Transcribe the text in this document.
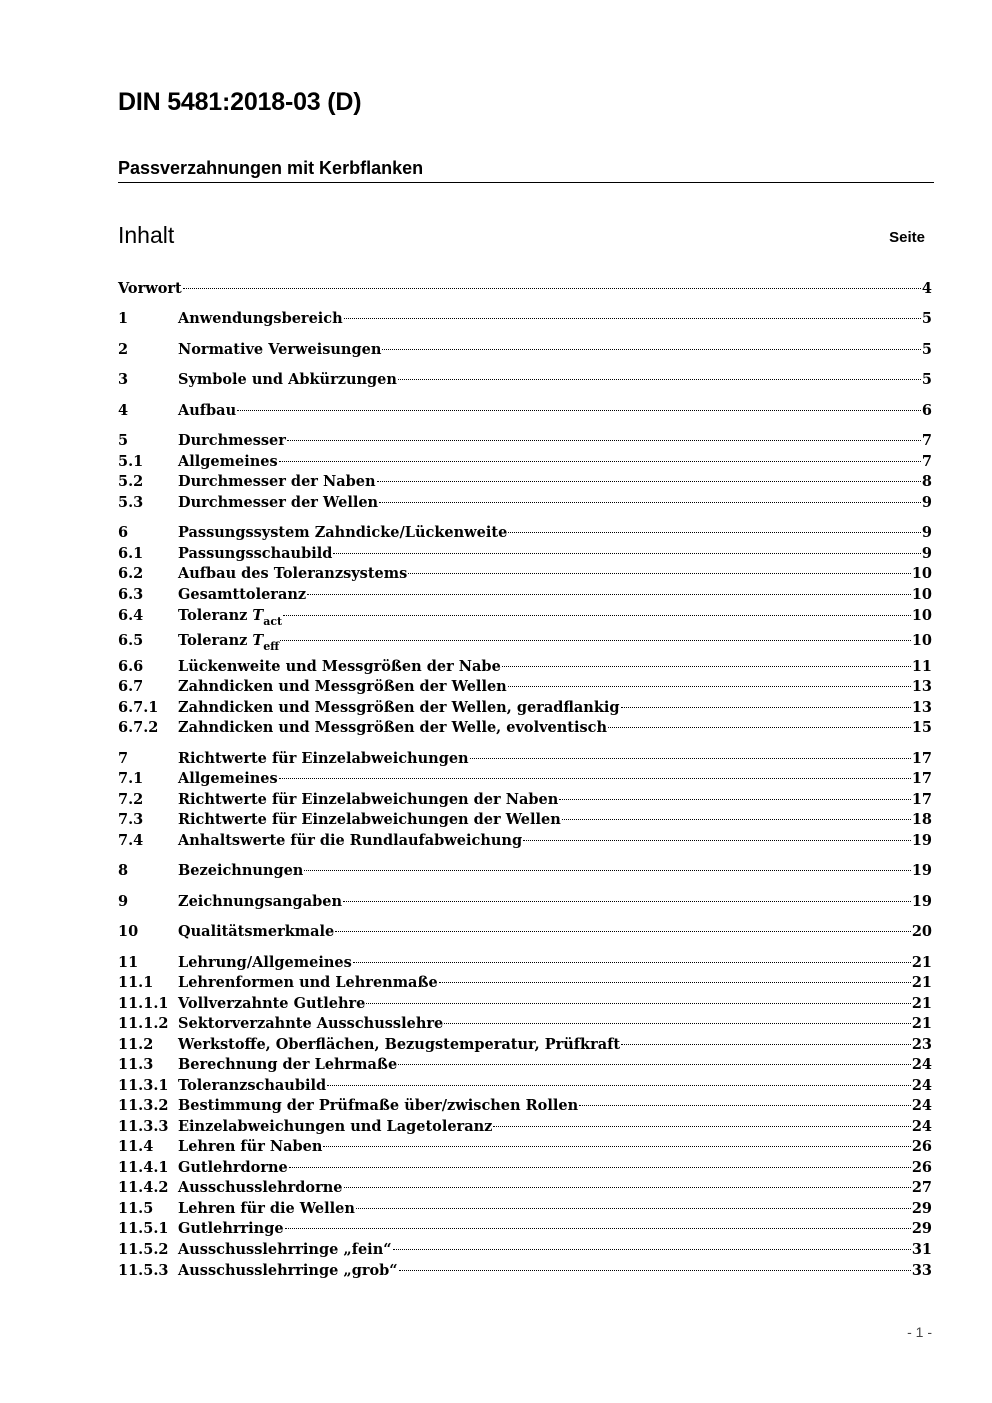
DIN 5481:2018-03 (D)
Passverzahnungen mit Kerbflanken
Inhalt	Seite
Vorwort	4
1	Anwendungsbereich	5
2	Normative Verweisungen	5
3	Symbole und Abkürzungen	5
4	Aufbau	6
5	Durchmesser	7
5.1	Allgemeines	7
5.2	Durchmesser der Naben	8
5.3	Durchmesser der Wellen	9
6	Passungssystem Zahndicke/Lückenweite	9
6.1	Passungsschaubild	9
6.2	Aufbau des Toleranzsystems	10
6.3	Gesamttoleranz	10
6.4	Toleranz $T_{act}$	10
6.5	Toleranz $T_{eff}$	10
6.6	Lückenweite und Messgrößen der Nabe	11
6.7	Zahndicken und Messgrößen der Wellen	13
6.7.1	Zahndicken und Messgrößen der Wellen, geradflankig	13
6.7.2	Zahndicken und Messgrößen der Welle, evolventisch	15
7	Richtwerte für Einzelabweichungen	17
7.1	Allgemeines	17
7.2	Richtwerte für Einzelabweichungen der Naben	17
7.3	Richtwerte für Einzelabweichungen der Wellen	18
7.4	Anhaltswerte für die Rundlaufabweichung	19
8	Bezeichnungen	19
9	Zeichnungsangaben	19
10	Qualitätsmerkmale	20
11	Lehrung/Allgemeines	21
11.1	Lehrenformen und Lehrenmaße	21
11.1.1 Vollverzahnte Gutlehre	21
11.1.2 Sektorverzahnte Ausschusslehre	21
11.2	Werkstoffe, Oberflächen, Bezugstemperatur, Prüfkraft	23
11.3	Berechnung der Lehrmaße	24
11.3.1 Toleranzschaubild	24
11.3.2 Bestimmung der Prüfmaße über/zwischen Rollen	24
11.3.3 Einzelabweichungen und Lagetoleranz	24
11.4	Lehren für Naben	26
11.4.1 Gutlehrdorne	26
11.4.2 Ausschusslehrdorne	27
11.5	Lehren für die Wellen	29
11.5.1 Gutlehrringe	29
11.5.2 Ausschusslehrringe „fein“	31
11.5.3 Ausschusslehrringe „grob“	33
- 1 -
